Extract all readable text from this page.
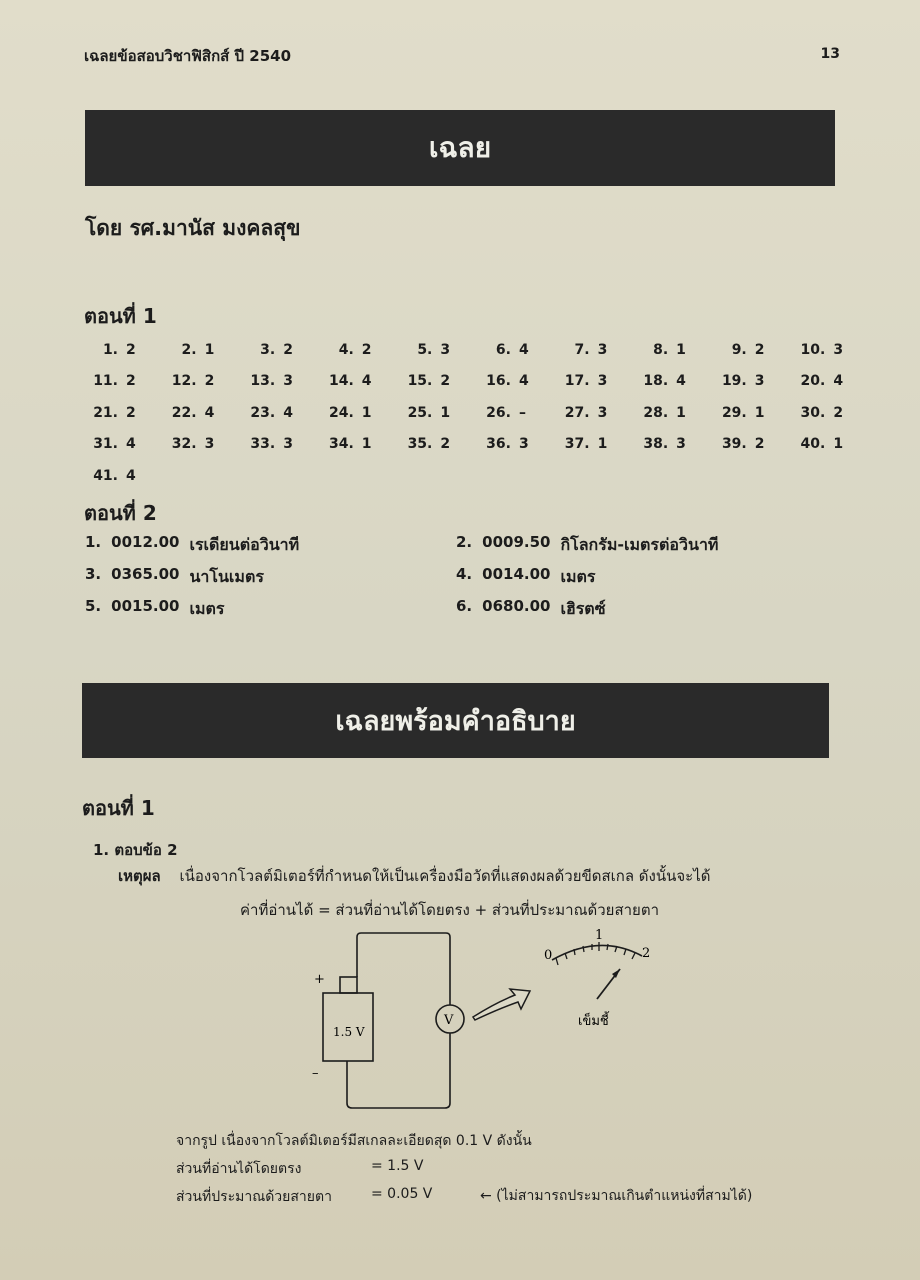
เฉลยข้อสอบวิชาฟิสิกส์ ปี 2540	13
เฉลย
โดย รศ.มานัส มงคลสุข
ตอนที่ 1
1. 2	2. 1	3. 2	4. 2	5. 3	6. 4	7. 3	8. 1	9. 2	10. 3
11. 2	12. 2	13. 3	14. 4	15. 2	16. 4	17. 3	18. 4	19. 3	20. 4
21. 2	22. 4	23. 4	24. 1	25. 1	26. –	27. 3	28. 1	29. 1	30. 2
31. 4	32. 3	33. 3	34. 1	35. 2	36. 3	37. 1	38. 3	39. 2	40. 1
41. 4
ตอนที่ 2
1. 0012.00 เรเดียนต่อวินาที	2. 0009.50 กิโลกรัม-เมตรต่อวินาที
3. 0365.00 นาโนเมตร	4. 0014.00 เมตร
5. 0015.00 เมตร	6. 0680.00 เฮิรตซ์
เฉลยพร้อมคำอธิบาย
ตอนที่ 1
1. ตอบข้อ 2
เหตุผล เนื่องจากโวลต์มิเตอร์ที่กำหนดให้เป็นเครื่องมือวัดที่แสดงผลด้วยขีดสเกล ดังนั้นจะได้
ค่าที่อ่านได้ = ส่วนที่อ่านได้โดยตรง + ส่วนที่ประมาณด้วยสายตา
1.5 V
+
–
V
0
1
2
เข็มชี้
จากรูป เนื่องจากโวลต์มิเตอร์มีสเกลละเอียดสุด 0.1 V ดังนั้น
ส่วนที่อ่านได้โดยตรง	= 1.5 V
ส่วนที่ประมาณด้วยสายตา	= 0.05 V	← (ไม่สามารถประมาณเกินตำแหน่งที่สามได้)
